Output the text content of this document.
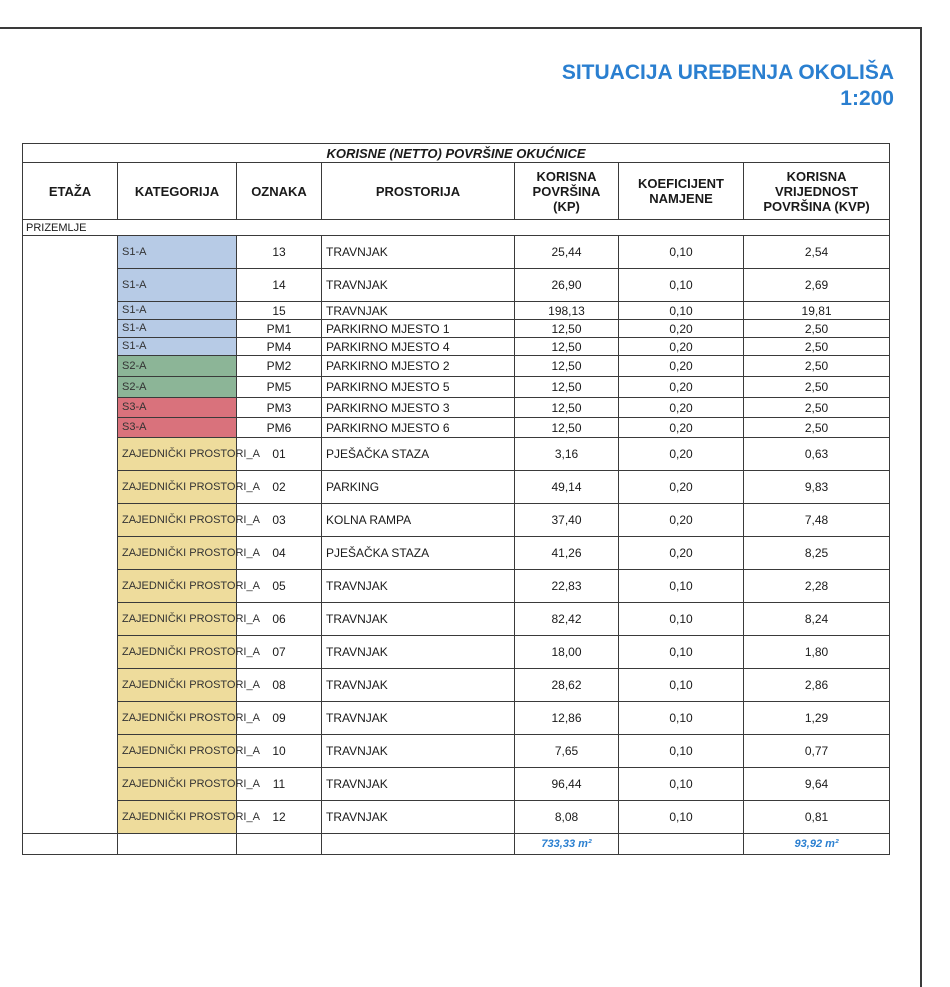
SITUACIJA UREĐENJA OKOLIŠA
1:200
KORISNE (NETTO) POVRŠINE OKUĆNICE						
ETAŽA	KATEGORIJA	OZNAKA	PROSTORIJA	KORISNA POVRŠINA (KP)	KOEFICIJENT NAMJENE	KORISNA VRIJEDNOST POVRŠINA (KVP)
PRIZEMLJE						
	S1-A	13	TRAVNJAK	25,44	0,10	2,54
	S1-A	14	TRAVNJAK	26,90	0,10	2,69
	S1-A	15	TRAVNJAK	198,13	0,10	19,81
	S1-A	PM1	PARKIRNO MJESTO 1	12,50	0,20	2,50
	S1-A	PM4	PARKIRNO MJESTO 4	12,50	0,20	2,50
	S2-A	PM2	PARKIRNO MJESTO 2	12,50	0,20	2,50
	S2-A	PM5	PARKIRNO MJESTO 5	12,50	0,20	2,50
	S3-A	PM3	PARKIRNO MJESTO 3	12,50	0,20	2,50
	S3-A	PM6	PARKIRNO MJESTO 6	12,50	0,20	2,50
	ZAJEDNIČKI PROSTORI_A	01	PJEŠAČKA STAZA	3,16	0,20	0,63
	ZAJEDNIČKI PROSTORI_A	02	PARKING	49,14	0,20	9,83
	ZAJEDNIČKI PROSTORI_A	03	KOLNA RAMPA	37,40	0,20	7,48
	ZAJEDNIČKI PROSTORI_A	04	PJEŠAČKA STAZA	41,26	0,20	8,25
	ZAJEDNIČKI PROSTORI_A	05	TRAVNJAK	22,83	0,10	2,28
	ZAJEDNIČKI PROSTORI_A	06	TRAVNJAK	82,42	0,10	8,24
	ZAJEDNIČKI PROSTORI_A	07	TRAVNJAK	18,00	0,10	1,80
	ZAJEDNIČKI PROSTORI_A	08	TRAVNJAK	28,62	0,10	2,86
	ZAJEDNIČKI PROSTORI_A	09	TRAVNJAK	12,86	0,10	1,29
	ZAJEDNIČKI PROSTORI_A	10	TRAVNJAK	7,65	0,10	0,77
	ZAJEDNIČKI PROSTORI_A	11	TRAVNJAK	96,44	0,10	9,64
	ZAJEDNIČKI PROSTORI_A	12	TRAVNJAK	8,08	0,10	0,81
				733,33 m²		93,92 m²
